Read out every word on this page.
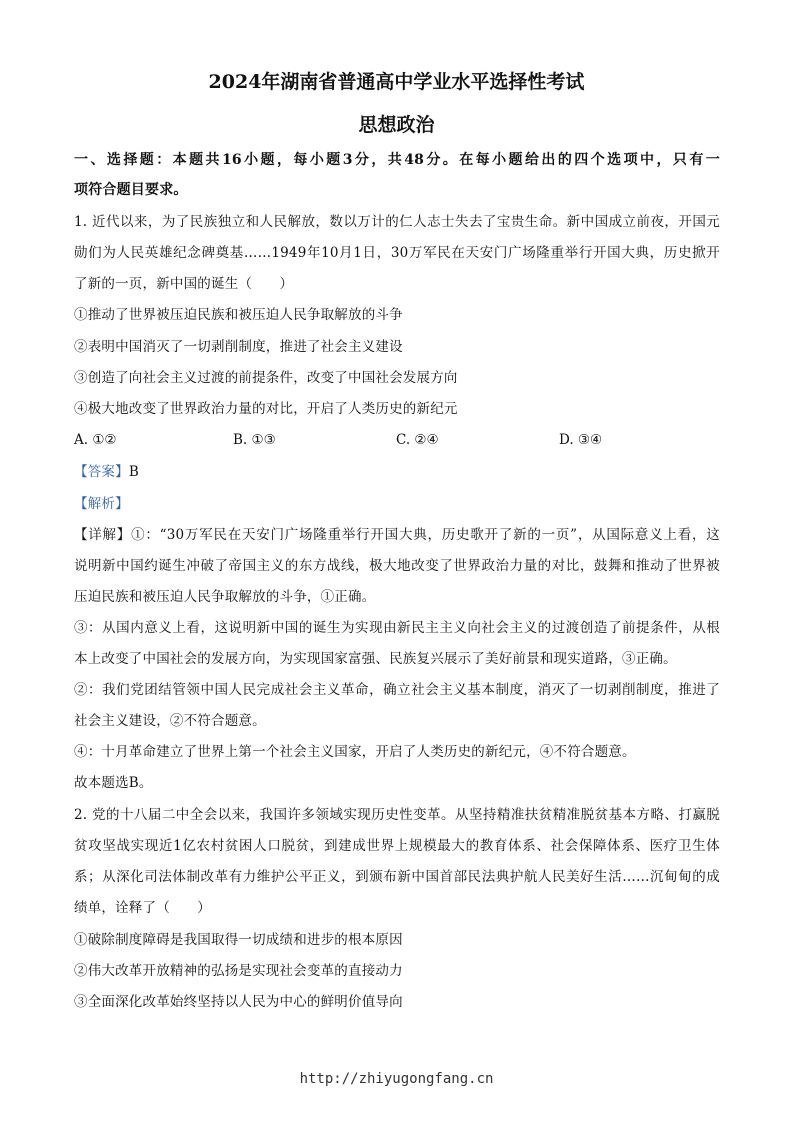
2024年湖南省普通高中学业水平选择性考试
思想政治
一、选择题：本题共16小题，每小题3分，共48分。在每小题给出的四个选项中，只有一
项符合题目要求。
1. 近代以来，为了民族独立和人民解放，数以万计的仁人志士失去了宝贵生命。新中国成立前夜，开国元
勋们为人民英雄纪念碑奠基……1949年10月1日，30万军民在天安门广场隆重举行开国大典，历史掀开
了新的一页，新中国的诞生（　　）
①推动了世界被压迫民族和被压迫人民争取解放的斗争
②表明中国消灭了一切剥削制度，推进了社会主义建设
③创造了向社会主义过渡的前提条件，改变了中国社会发展方向
④极大地改变了世界政治力量的对比，开启了人类历史的新纪元
A. ①②	B. ①③	C. ②④	D. ③④
【答案】B
【解析】
【详解】①：“30万军民在天安门广场隆重举行开国大典，历史歌开了新的一页”，从国际意义上看，这
说明新中国约诞生冲破了帝国主义的东方战线，极大地改变了世界政治力量的对比，鼓舞和推动了世界被
压迫民族和被压迫人民争取解放的斗争，①正确。
③：从国内意义上看，这说明新中国的诞生为实现由新民主主义向社会主义的过渡创造了前提条件，从根
本上改变了中国社会的发展方向，为实现国家富强、民族复兴展示了美好前景和现实道路，③正确。
②：我们党团结管领中国人民完成社会主义革命，确立社会主义基本制度，消灭了一切剥削制度，推进了
社会主义建设，②不符合题意。
④：十月革命建立了世界上第一个社会主义国家，开启了人类历史的新纪元，④不符合题意。
故本题选B。
2. 党的十八届二中全会以来，我国许多领域实现历史性变革。从坚持精准扶贫精准脱贫基本方略、打赢脱
贫攻坚战实现近1亿农村贫困人口脱贫，到建成世界上规模最大的教育体系、社会保障体系、医疗卫生体
系；从深化司法体制改革有力维护公平正义，到颁布新中国首部民法典护航人民美好生活……沉甸甸的成
绩单，诠释了（　　）
①破除制度障碍是我国取得一切成绩和进步的根本原因
②伟大改革开放精神的弘扬是实现社会变革的直接动力
③全面深化改革始终坚持以人民为中心的鲜明价值导向
http://zhiyugongfang.cn
